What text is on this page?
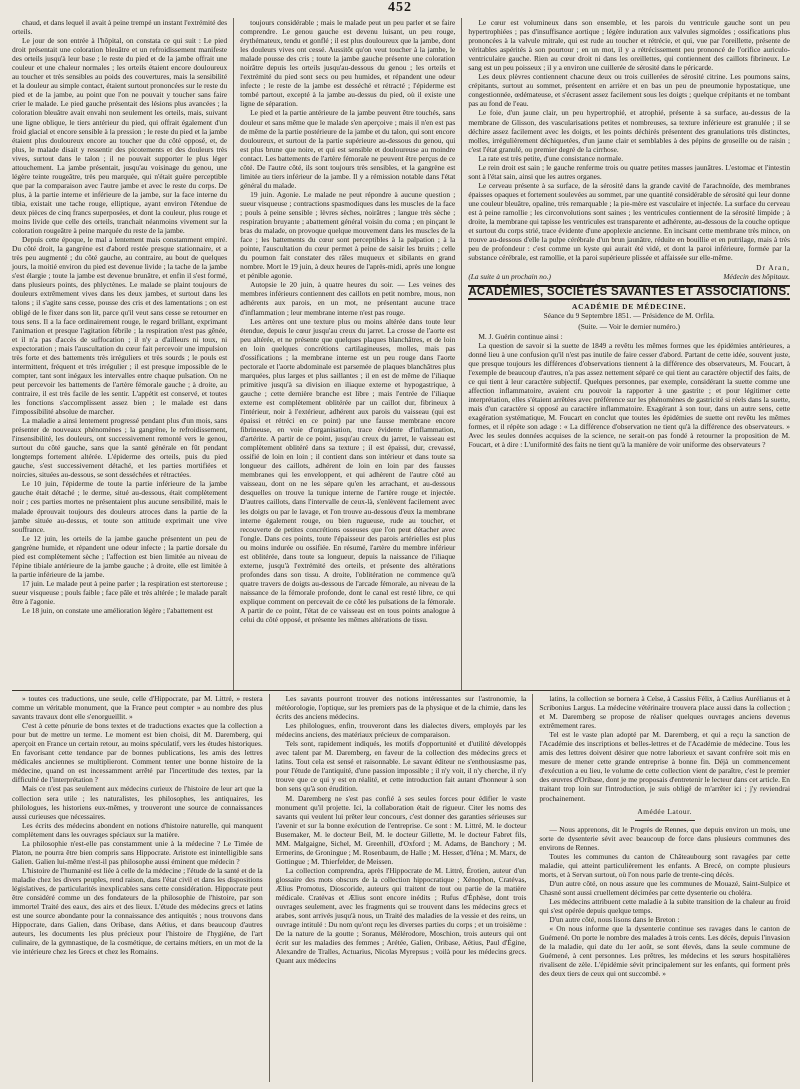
452

chaud, et dans lequel il avait à peine trempé un instant l'extrémité des orteils.

Le jour de son entrée à l'hôpital, on constata ce qui suit : Le pied droit présentait une coloration bleuâtre et un refroidissement manifeste des orteils jusqu'à leur base ; le reste du pied et de la jambe offrait une couleur et une chaleur normales ; les orteils étaient encore douloureux au toucher et très sensibles au poids des couvertures, mais la sensibilité et la douleur au simple contact, étaient surtout prononcées sur le reste du pied et de la jambe, au point que l'on ne pouvait y toucher sans faire crier le malade. Le pied gauche présentait des lésions plus avancées ; la coloration bleuâtre avait envahi non seulement les orteils, mais, suivant une ligne oblique, le tiers antérieur du pied, qui offrait également d'un froid glacial et encore sensible à la pression ; le reste du pied et la jambe étaient plus douloureux encore au toucher que du côté opposé, et, de plus, le malade disait y ressentir des picotements et des douleurs très vives, surtout dans le talon ; il ne pouvait supporter le plus léger attouchement. La jambe présentait, jusqu'au voisinage du genou, une légère teinte rougeâtre, très peu marquée, qui n'était guère perceptible que par la comparaison avec l'autre jambe et avec le reste du corps. De plus, à la partie interne et inférieure de la jambe, sur la face interne du tibia, existait une tache rouge, elliptique, ayant environ l'étendue de deux pièces de cinq francs superposées, et dont la couleur, plus rouge et moins livide que celle des orteils, tranchait néanmoins vivement sur la coloration rougeâtre à peine marquée du reste de la jambe.

Depuis cette époque, le mal a lentement mais constamment empiré. Du côté droit, la gangrène est d'abord restée presque stationnaire, et a très peu augmenté ; du côté gauche, au contraire, au bout de quelques jours, la moitié environ du pied est devenue livide ; la tache de la jambe s'est élargie ; toute la jambe est devenue brunâtre, et enfin il s'est formé, dans plusieurs points, des phlyctènes. Le malade se plaint toujours de douleurs extrêmement vives dans les deux jambes, et surtout dans les talons ; il s'agite sans cesse, pousse des cris et des lamentations ; on est obligé de le fixer dans son lit, parce qu'il veut sans cesse se retourner en tous sens. Il a la face ordinairement rouge, le regard brillant, exprimant l'animation et presque l'agitation fébrile ; la respiration n'est pas gênée, et il n'a pas d'accès de suffocation ; il n'y a d'ailleurs ni toux, ni expectoration ; mais l'auscultation du cœur fait percevoir une impulsion très forte et des battements très irréguliers et très sourds ; le pouls est intermittent, fréquent et très irrégulier ; il est presque impossible de le compter, tant sont inégaux les intervalles entre chaque pulsation. On ne peut percevoir les battements de l'artère fémorale gauche ; à droite, au contraire, il est très facile de les sentir. L'appétit est conservé, et toutes les fonctions s'accomplissent assez bien ; le malade est dans l'impossibilité absolue de marcher.

La maladie a ainsi lentement progressé pendant plus d'un mois, sans présenter de nouveaux phénomènes ; la gangrène, le refroidissement, l'insensibilité, les douleurs, ont successivement remonté vers le genou, surtout du côté gauche, sans que la santé générale en fût pendant longtemps fortement altérée. L'épiderme des orteils, puis du pied gauche, s'est successivement détaché, et les parties mortifiées et noircies, situées au-dessous, se sont desséchées et rétractées.

Le 10 juin, l'épiderme de toute la partie inférieure de la jambe gauche était détaché ; le derme, situé au-dessous, était complètement noir ; ces parties mortes ne présentaient plus aucune sensibilité, mais le malade éprouvait toujours des douleurs atroces dans la partie de la jambe située au-dessus, et toute son attitude exprimait une vive souffrance.

Le 12 juin, les orteils de la jambe gauche présentent un peu de gangrène humide, et répandent une odeur infecte ; la partie dorsale du pied est complètement sèche ; l'affection est bien limitée au niveau de l'épine tibiale antérieure de la jambe gauche ; à droite, elle est limitée à la partie inférieure de la jambe.

17 juin. Le malade peut à peine parler ; la respiration est stertoreuse ; sueur visqueuse ; pouls faible ; face pâle et très altérée ; le malade paraît être à l'agonie.

Le 18 juin, on constate une amélioration légère ; l'abattement est

toujours considérable ; mais le malade peut un peu parler et se faire comprendre. Le genou gauche est devenu luisant, un peu rouge, érythémateux, tendu et gonflé ; il est plus douloureux que la jambe, dont les douleurs vives ont cessé. Aussitôt qu'on veut toucher à la jambe, le malade pousse des cris ; toute la jambe gauche présente une coloration noirâtre depuis les orteils jusqu'au-dessous du genou ; les orteils et l'extrémité du pied sont secs ou peu humides, et répandent une odeur infecte ; le reste de la jambe est desséché et rétracté ; l'épiderme est tombé partout, excepté à la jambe au-dessus du pied, où il existe une ligne de séparation.

Le pied et la partie antérieure de la jambe peuvent être touchés, sans douleur et sans même que le malade s'en aperçoive ; mais il n'en est pas de même de la partie postérieure de la jambe et du talon, qui sont encore douloureux, et surtout de la partie supérieure au-dessous du genou, qui est plus brune que noire, et qui est sensible et douloureuse au moindre contact. Les battements de l'artère fémorale ne peuvent être perçus de ce côté. De l'autre côté, ils sont toujours très sensibles, et la gangrène est limitée au tiers inférieur de la jambe. Il y a rémission notable dans l'état général du malade.

19 juin. Agonie. Le malade ne peut répondre à aucune question ; sueur visqueuse ; contractions spasmodiques dans les muscles de la face ; pouls à peine sensible ; lèvres sèches, noirâtres ; langue très sèche ; respiration bruyante ; abattement général voisin du coma ; en pinçant le bras du malade, on provoque quelque mouvement dans les muscles de la face ; les battements du cœur sont perceptibles à la palpation ; à la pointe, l'auscultation du cœur permet à peine de saisir les bruits ; celle du poumon fait constater des râles muqueux et sibilants en grand nombre. Mort le 19 juin, à deux heures de l'après-midi, après une longue et pénible agonie.

Autopsie le 20 juin, à quatre heures du soir. — Les veines des membres inférieurs contiennent des caillots en petit nombre, mous, non adhérents aux parois, en un mot, ne présentant aucune trace d'inflammation ; leur membrane interne n'est pas rouge.

Les artères ont une texture plus ou moins altérée dans toute leur étendue, depuis le cœur jusqu'au creux du jarret. La crosse de l'aorte est peu altérée, et ne présente que quelques plaques blanchâtres, et de loin en loin quelques concrétions cartilagineuses, molles, mais pas d'ossifications ; la membrane interne est un peu rouge dans l'aorte pectorale et l'aorte abdominale est parsemée de plaques blanchâtres plus marquées, plus larges et plus saillantes ; il en est de même de l'iliaque primitive jusqu'à sa division en iliaque externe et hypogastrique, à gauche ; cette dernière branche est libre ; mais l'entrée de l'iliaque externe est complètement oblitérée par un caillot dur, fibrineux à l'intérieur, noir à l'extérieur, adhérent aux parois du vaisseau (qui est épaissi et rétréci en ce point) par une fausse membrane encore fibrineuse, en voie d'organisation, trace évidente d'inflammation, d'artérite. A partir de ce point, jusqu'au creux du jarret, le vaisseau est complètement oblitéré dans sa texture ; il est épaissi, dur, crevassé, ossifié de loin en loin ; il contient dans son intérieur et dans toute sa longueur des caillots, adhérent de loin en loin par des fausses membranes qui les enveloppent, et qui adhèrent de l'autre côté au vaisseau, dont on ne les sépare qu'en les arrachant, et au-dessous desquelles on trouve la tunique interne de l'artère rouge et injectée. D'autres caillots, dans l'intervalle de ceux-là, s'enlèvent facilement avec les doigts ou par le lavage, et l'on trouve au-dessous d'eux la membrane interne également rouge, ou bien rugueuse, rude au toucher, et recouverte de petites concrétions osseuses que l'on peut détacher avec l'ongle. Dans ces points, toute l'épaisseur des parois artérielles est plus ou moins indurée ou ossifiée. En résumé, l'artère du membre inférieur est oblitérée, dans toute sa longueur, depuis la naissance de l'iliaque externe, jusqu'à l'extrémité des orteils, et présente des altérations profondes dans son tissu. A droite, l'oblitération ne commence qu'à quatre travers de doigts au-dessous de l'arcade fémorale, au niveau de la naissance de la fémorale profonde, dont le canal est resté libre, ce qui explique comment on percevait de ce côté les pulsations de la fémorale. A partir de ce point, l'état de ce vaisseau est en tous points analogue à celui du côté opposé, et présente les mêmes altérations de tissu.

Le cœur est volumineux dans son ensemble, et les parois du ventricule gauche sont un peu hypertrophiées ; pas d'insuffisance aortique ; légère induration aux valvules sigmoïdes ; ossifications plus prononcées à la valvule mitrale, qui est rude au toucher et rétrécie, et qui, vue par l'oreillette, présente de véritables aspérités à son pourtour ; en un mot, il y a rétrécissement peu prononcé de l'orifice auriculo-ventriculaire gauche. Rien au cœur droit ni dans les oreillettes, qui contiennent des caillots fibrineux. Le sang est un peu poisseux ; il y a environ une cuillerée de sérosité dans le péricarde.

Les deux plèvres contiennent chacune deux ou trois cuillerées de sérosité citrine. Les poumons sains, crépitants, surtout au sommet, présentent en arrière et en bas un peu de pneumonie hypostatique, une congestionnée, œdémateuse, et s'écrasent assez facilement sous les doigts ; quelque crépitants et ne tombant pas au fond de l'eau.

Le foie, d'un jaune clair, un peu hypertrophié, et atrophié, présente à sa surface, au-dessus de la membrane de Glisson, des vascularisations petites et nombreuses, sa texture inférieure est granulée ; il se déchire assez facilement avec les doigts, et les points déchirés présentent des granulations très distinctes, molles, irrégulièrement déchiquetées, d'un jaune clair et semblables à des pépins de groseille ou de raisin ; c'est l'état granulé, ou premier degré de la cirrhose.

La rate est très petite, d'une consistance normale.

Le rein droit est sain ; le gauche renferme trois ou quatre petites masses jaunâtres. L'estomac et l'intestin sont à l'état sain, ainsi que les autres organes.

Le cerveau présente à sa surface, de la sérosité dans la grande cavité de l'arachnoïde, des membranes épaisses opaques et fortement soulevées au sommet, par une quantité considérable de sérosité qui leur donne une couleur bleuâtre, opaline, très remarquable ; la pie-mère est vasculaire et injectée. La surface du cerveau est à peine ramollie ; les circonvolutions sont saines ; les ventricules contiennent de la sérosité limpide ; à droite, la membrane qui tapisse les ventricules est transparente et adhérente, au-dessous de la couche optique et surtout du corps strié, trace évidente d'une apoplexie ancienne. En incisant cette membrane très mince, on trouve au-dessous d'elle la pulpe cérébrale d'un brun jaunâtre, réduite en bouillie et en putrilage, mais à très peu de profondeur : c'est comme un kyste qui aurait été vidé, et dont la paroi inférieure, formée par la substance cérébrale, est ramollie, et la paroi supérieure plissée et affaissée sur elle-même.

Dr Aran,
(La suite à un prochain no.)	Médecin des hôpitaux.
ACADÉMIES, SOCIÉTÉS SAVANTES ET ASSOCIATIONS.
ACADÉMIE DE MÉDECINE.
Séance du 9 Septembre 1851. — Présidence de M. Orfila.
(Suite. — Voir le dernier numéro.)

M. J. Guérin continue ainsi :

La question de savoir si la suette de 1849 a revêtu les mêmes formes que les épidémies antérieures, a donné lieu à une confusion qu'il n'est pas inutile de faire cesser d'abord. Partant de cette idée, souvent juste, que presque toujours les différences d'observations tiennent à la différence des observateurs, M. Foucart, à l'exemple de beaucoup d'autres, n'a pas assez nettement séparé ce qui tient au caractère objectif des faits, de ce qui tient à leur caractère subjectif. Quelques personnes, par exemple, considérant la suette comme une affection inflammatoire, avaient cru pouvoir la rapporter à une gastrite ; et pour légitimer cette interprétation, elles s'étaient arrêtées avec préférence sur les phénomènes de gastricité si réels dans la suette, mais d'un caractère si opposé au caractère inflammatoire. Exagérant à son tour, dans un autre sens, cette exagération systématique, M. Foucart en conclut que toutes les épidémies de suette ont revêtu les mêmes formes, et il répète son adage : « La différence d'observation ne tient qu'à la différence des observateurs. » Avec les seules données acquises de la science, ne serait-on pas fondé à retourner la proposition de M. Foucart, et à dire : L'uniformité des faits ne tient qu'à la manière de voir uniforme des observateurs ?

» toutes ces traductions, une seule, celle d'Hippocrate, par M. Littré, » restera comme un véritable monument, que la France peut compter » au nombre des plus savants travaux dont elle s'enorgueillit. »

C'est à cette pénurie de bons textes et de traductions exactes que la collection a pour but de mettre un terme. Le moment est bien choisi, dit M. Daremberg, qui aperçoit en France un certain retour, au moins spéculatif, vers les études historiques. En favorisant cette tendance par de bonnes publications, les amis des lettres médicales anciennes se multiplieront. Comment tenter une bonne histoire de la médecine, quand on est incessamment arrêté par l'incertitude des textes, par la difficulté de l'interprétation ?

Mais ce n'est pas seulement aux médecins curieux de l'histoire de leur art que la collection sera utile ; les naturalistes, les philosophes, les antiquaires, les philologues, les historiens eux-mêmes, y trouveront une source de connaissances aussi curieuses que nécessaires.

Les écrits des médecins abondent en notions d'histoire naturelle, qui manquent complètement dans les ouvrages spéciaux sur la matière.

La philosophie n'est-elle pas constamment unie à la médecine ? Le Timée de Platon, ne pourra être bien compris sans Hippocrate. Aristote est inintelligible sans Galien. Galien lui-même n'est-il pas philosophe aussi éminent que médecin ?

L'histoire de l'humanité est liée à celle de la médecine ; l'étude de la santé et de la maladie chez les divers peuples, rend raison, dans l'état civil et dans les dispositions législatives, de particularités inexplicables sans cette considération. Hippocrate peut être considéré comme un des fondateurs de la philosophie de l'histoire, par son immortel Traité des eaux, des airs et des lieux. L'étude des médecins grecs et latins est une source abondante pour la connaissance des antiquités ; nous trouvons dans Hippocrate, dans Galien, dans Oribase, dans Aétius, et dans beaucoup d'autres auteurs, les documents les plus précieux pour l'histoire de l'hygiène, de l'art culinaire, de la gymnastique, de la cosmétique, de certains métiers, en un mot de la vie intérieure chez les Grecs et chez les Romains.

Les savants pourront trouver des notions intéressantes sur l'astronomie, la météorologie, l'optique, sur les premiers pas de la physique et de la chimie, dans les écrits des anciens médecins.

Les philologues, enfin, trouveront dans les dialectes divers, employés par les médecins anciens, des matériaux précieux de comparaison.

Tels sont, rapidement indiqués, les motifs d'opportunité et d'utilité développés avec talent par M. Daremberg, en faveur de la collection des médecins grecs et latins. Tout cela est sensé et raisonnable. Le savant éditeur ne s'enthousiasme pas, pour l'étude de l'antiquité, d'une passion impossible ; il n'y voit, il n'y cherche, il n'y trouve que ce qui y est en réalité, et cette introduction fait autant d'honneur à son bon sens qu'à son érudition.

M. Daremberg ne s'est pas confié à ses seules forces pour édifier le vaste monument qu'il projette. Ici, la collaboration était de rigueur. Citer les noms des savants qui veulent lui prêter leur concours, c'est donner des garanties sérieuses sur l'avenir et sur la bonne exécution de l'entreprise. Ce sont : M. Littré, M. le docteur Busemaker, M. le docteur Beil, M. le docteur Gillette, M. le docteur Fabret fils, MM. Malgaigne, Sichel, M. Greenhill, d'Oxford ; M. Adams, de Banchory ; M. Ermerins, de Groningue ; M. Rosenbaum, de Halle ; M. Hesser, d'Iéna ; M. Marx, de Gottingue ; M. Thierfelder, de Meissen.

La collection comprendra, après l'Hippocrate de M. Littré, Érotien, auteur d'un glossaire des mots obscurs de la collection hippocratique ; Xénophon, Cratévas, Ælius Promotus, Dioscoride, auteurs qui traitent de tout ou partie de la matière médicale. Cratévas et Ælius sont encore inédits ; Rufus d'Éphèse, dont trois ouvrages seulement, avec les fragments qui se trouvent dans les médecins grecs et arabes, sont arrivés jusqu'à nous, un Traité des maladies de la vessie et des reins, un ouvrage intitulé : Du nom qu'ont reçu les diverses parties du corps ; et un troisième : De la nature de la goutte ; Soranus, Mélérodore, Moschion, trois auteurs qui ont écrit sur les maladies des femmes ; Arétée, Galien, Oribase, Aétius, Paul d'Égine, Alexandre de Tralles, Actuarius, Nicolas Myrepsus ; voilà pour les médecins grecs. Quant aux médecins

latins, la collection se bornera à Celse, à Cassius Félix, à Cælius Aurélianus et à Scribonius Largus. La médecine vétérinaire trouvera place aussi dans la collection ; et M. Daremberg se propose de réaliser quelques ouvrages anciens devenus extrêmement rares.

Tel est le vaste plan adopté par M. Daremberg, et qui a reçu la sanction de l'Académie des inscriptions et belles-lettres et de l'Académie de médecine. Tous les amis des lettres doivent désirer que notre laborieux et savant confrère soit mis en mesure de mener cette grande entreprise à bonne fin. Déjà un commencement d'exécution a eu lieu, le volume de cette collection vient de paraître, c'est le premier des œuvres d'Oribase, dont je me proposais d'entretenir le lecteur dans cet article. En traitant trop loin sur l'introduction, je suis obligé de m'arrêter ici ; j'y reviendrai prochainement.

Amédée Latour.

— Nous apprenons, dit le Progrès de Rennes, que depuis environ un mois, une sorte de dysenterie sévit avec beaucoup de force dans plusieurs communes des environs de Rennes.

Toutes les communes du canton de Châteaubourg sont ravagées par cette maladie, qui atteint particulièrement les enfants. A Brecé, on compte plusieurs morts, et à Servan surtout, où l'on nous parle de trente-cinq décès.

D'un autre côté, on nous assure que les communes de Mouazé, Saint-Sulpice et Chasné sont aussi cruellement décimées par cette dysenterie ou choléra.

Les médecins attribuent cette maladie à la subite transition de la chaleur au froid qui s'est opérée depuis quelque temps.

D'un autre côté, nous lisons dans le Breton :

« On nous informe que la dysenterie continue ses ravages dans le canton de Guémené. On porte le nombre des malades à trois cents. Les décès, depuis l'invasion de la maladie, qui date du 1er août, se sont élevés, dans la seule commune de Guémené, à cent personnes. Les prêtres, les médecins et les sœurs hospitalières rivalisent de zèle. L'épidémie sévit principalement sur les enfants, qui forment près des deux tiers de ceux qui ont succombé. »
